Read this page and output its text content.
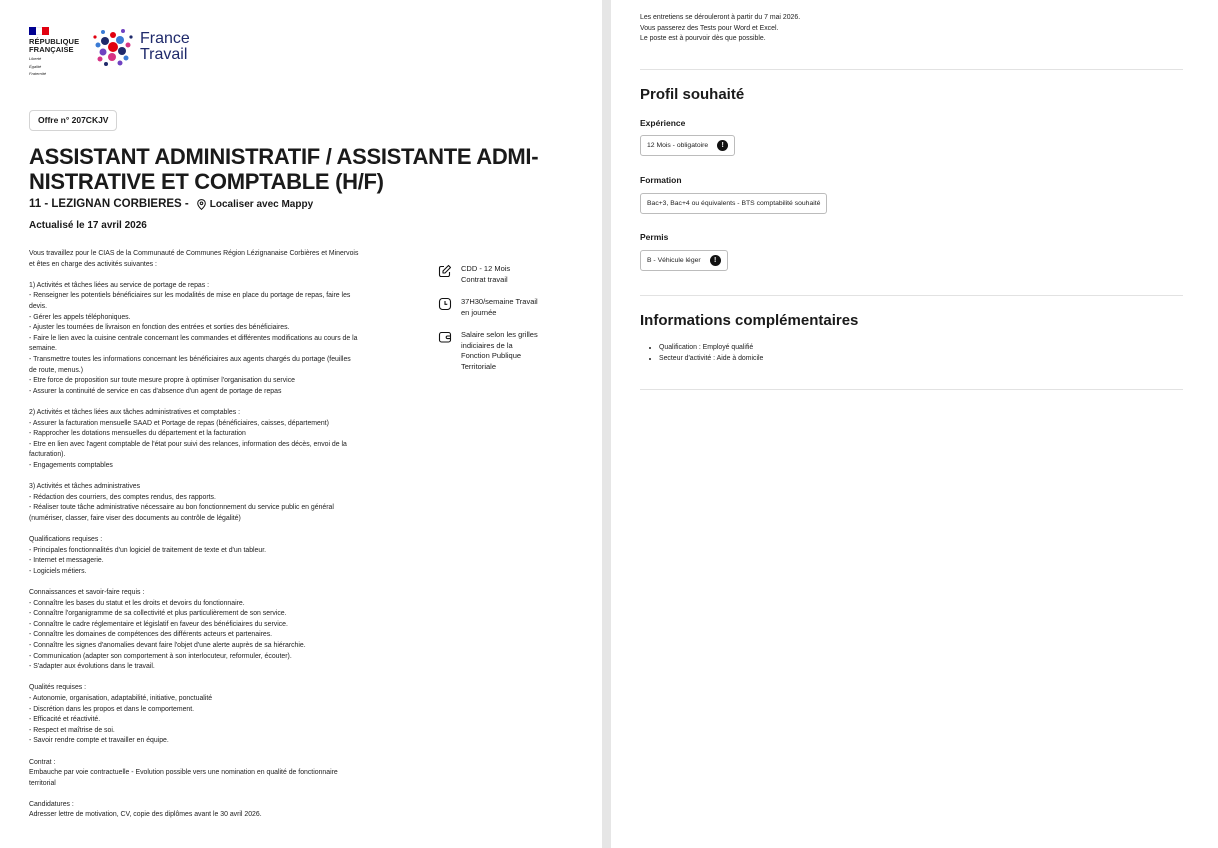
RÉPUBLIQUE
FRANÇAISE
Liberté
Égalité
Fraternité
France
Travail
Offre n° 207CKJV
ASSISTANT ADMINISTRATIF / ASSISTANTE ADMI-
NISTRATIVE ET COMPTABLE (H/F)
11 - LEZIGNAN CORBIERES - Localiser avec Mappy
Actualisé le 17 avril 2026
Vous travaillez pour le CIAS de la Communauté de Communes Région Lézignanaise Corbières et Minervois
et êtes en charge des activités suivantes :

1) Activités et tâches liées au service de portage de repas :
- Renseigner les potentiels bénéficiaires sur les modalités de mise en place du portage de repas, faire les
devis.
- Gérer les appels téléphoniques.
- Ajuster les tournées de livraison en fonction des entrées et sorties des bénéficiaires.
- Faire le lien avec la cuisine centrale concernant les commandes et différentes modifications au cours de la
semaine.
- Transmettre toutes les informations concernant les bénéficiaires aux agents chargés du portage (feuilles
de route, menus.)
- Etre force de proposition sur toute mesure propre à optimiser l'organisation du service
- Assurer la continuité de service en cas d'absence d'un agent de portage de repas

2) Activités et tâches liées aux tâches administratives et comptables :
- Assurer la facturation mensuelle SAAD et Portage de repas (bénéficiaires, caisses, département)
- Rapprocher les dotations mensuelles du département et la facturation
- Etre en lien avec l'agent comptable de l'état pour suivi des relances, information des décès, envoi de la
facturation).
- Engagements comptables

3) Activités et tâches administratives
- Rédaction des courriers, des comptes rendus, des rapports.
- Réaliser toute tâche administrative nécessaire au bon fonctionnement du service public en général
(numériser, classer, faire viser des documents au contrôle de légalité)

Qualifications requises :
- Principales fonctionnalités d'un logiciel de traitement de texte et d'un tableur.
- Internet et messagerie.
- Logiciels métiers.

Connaissances et savoir-faire requis :
- Connaître les bases du statut et les droits et devoirs du fonctionnaire.
- Connaître l'organigramme de sa collectivité et plus particulièrement de son service.
- Connaître le cadre réglementaire et législatif en faveur des bénéficiaires du service.
- Connaître les domaines de compétences des différents acteurs et partenaires.
- Connaître les signes d'anomalies devant faire l'objet d'une alerte auprès de sa hiérarchie.
- Communication (adapter son comportement à son interlocuteur, reformuler, écouter).
- S'adapter aux évolutions dans le travail.

Qualités requises :
- Autonomie, organisation, adaptabilité, initiative, ponctualité
- Discrétion dans les propos et dans le comportement.
- Efficacité et réactivité.
- Respect et maîtrise de soi.
- Savoir rendre compte et travailler en équipe.

Contrat :
Embauche par voie contractuelle - Evolution possible vers une nomination en qualité de fonctionnaire
territorial

Candidatures :
Adresser lettre de motivation, CV, copie des diplômes avant le 30 avril 2026.
CDD - 12 Mois
Contrat travail
37H30/semaine Travail
en journée
Salaire selon les grilles
indiciaires de la
Fonction Publique
Territoriale
Les entretiens se dérouleront à partir du 7 mai 2026.
Vous passerez des Tests pour Word et Excel.
Le poste est à pourvoir dès que possible.
Profil souhaité
Expérience
12 Mois - obligatoire	!
Formation
Bac+3, Bac+4 ou équivalents - BTS comptabilité souhaité
Permis
B - Véhicule léger	!
Informations complémentaires
• Qualification : Employé qualifié
• Secteur d'activité : Aide à domicile
